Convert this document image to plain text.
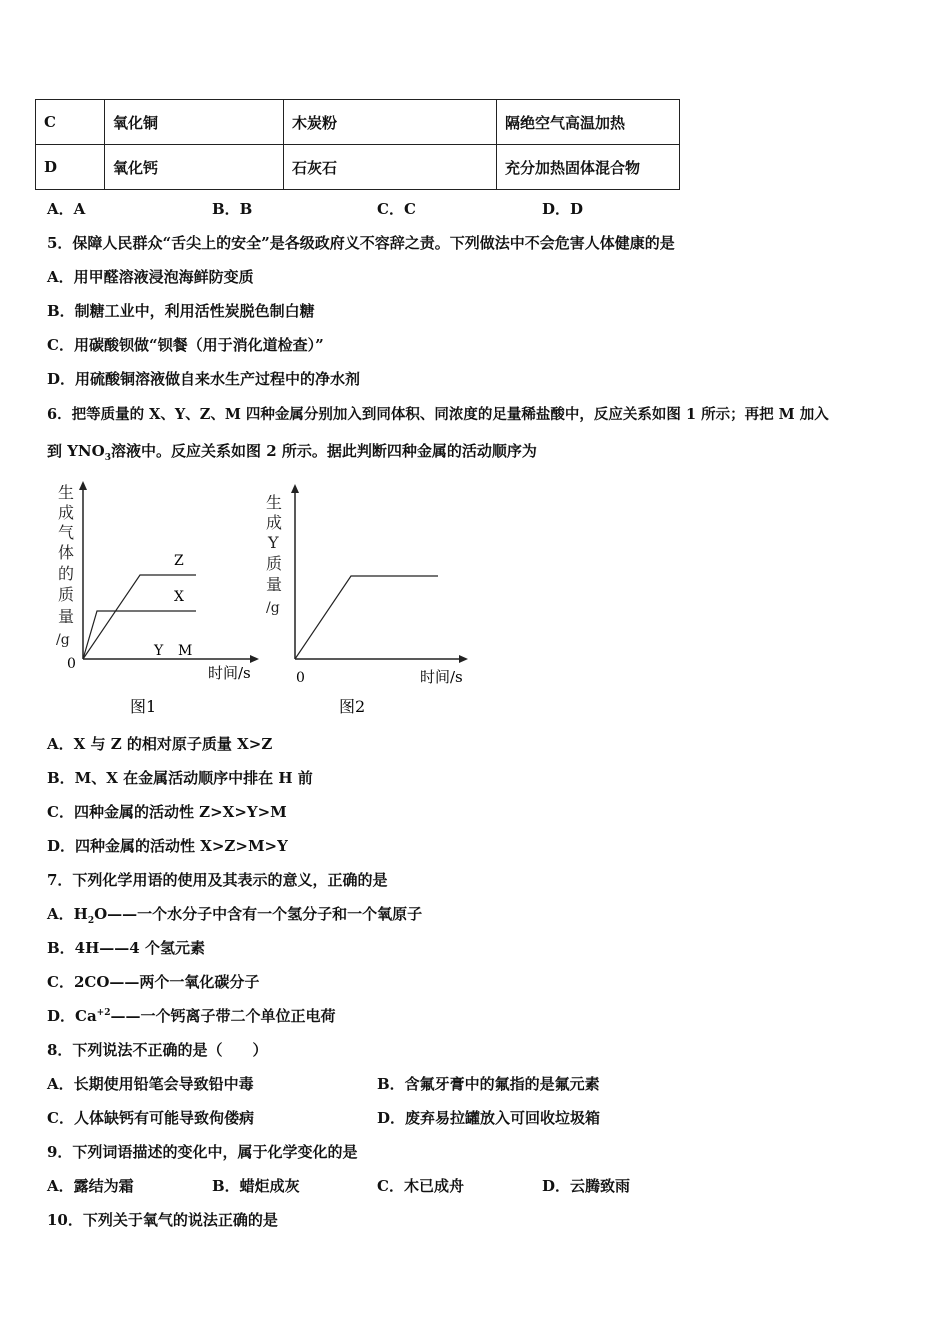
C	氧化铜	木炭粉	隔绝空气高温加热
D	氧化钙	石灰石	充分加热固体混合物
A．A	B．B	C．C	D．D
5．保障人民群众“舌尖上的安全”是各级政府义不容辞之责。下列做法中不会危害人体健康的是
A．用甲醛溶液浸泡海鲜防变质
B．制糖工业中，利用活性炭脱色制白糖
C．用碳酸钡做“钡餐（用于消化道检查）”
D．用硫酸铜溶液做自来水生产过程中的净水剂
6．把等质量的 X、Y、Z、M 四种金属分别加入到同体积、同浓度的足量稀盐酸中，反应关系如图 1 所示；再把 M 加入
到 $YNO_3$溶液中。反应关系如图 2 所示。据此判断四种金属的活动顺序为
生
成
气
体
的
质
量
/g
Z
X
Y M
0	时间/s
图1
生
成
Y
质
量
/g
0	时间/s
图2
A．X 与 Z 的相对原子质量 X>Z
B．M、X 在金属活动顺序中排在 H 前
C．四种金属的活动性 Z>X>Y>M
D．四种金属的活动性 X>Z>M>Y
7．下列化学用语的使用及其表示的意义，正确的是
A．$H_2O——$一个水分子中含有一个氢分子和一个氧原子
B．4H——4 个氢元素
C．2CO——两个一氧化碳分子
D．$Ca^{+2}——$一个钙离子带二个单位正电荷
8．下列说法不正确的是（　　）
A．长期使用铅笔会导致铅中毒	B．含氟牙膏中的氟指的是氟元素
C．人体缺钙有可能导致佝偻病	D．废弃易拉罐放入可回收垃圾箱
9．下列词语描述的变化中，属于化学变化的是
A．露结为霜	B．蜡炬成灰	C．木已成舟	D．云腾致雨
10．下列关于氧气的说法正确的是
